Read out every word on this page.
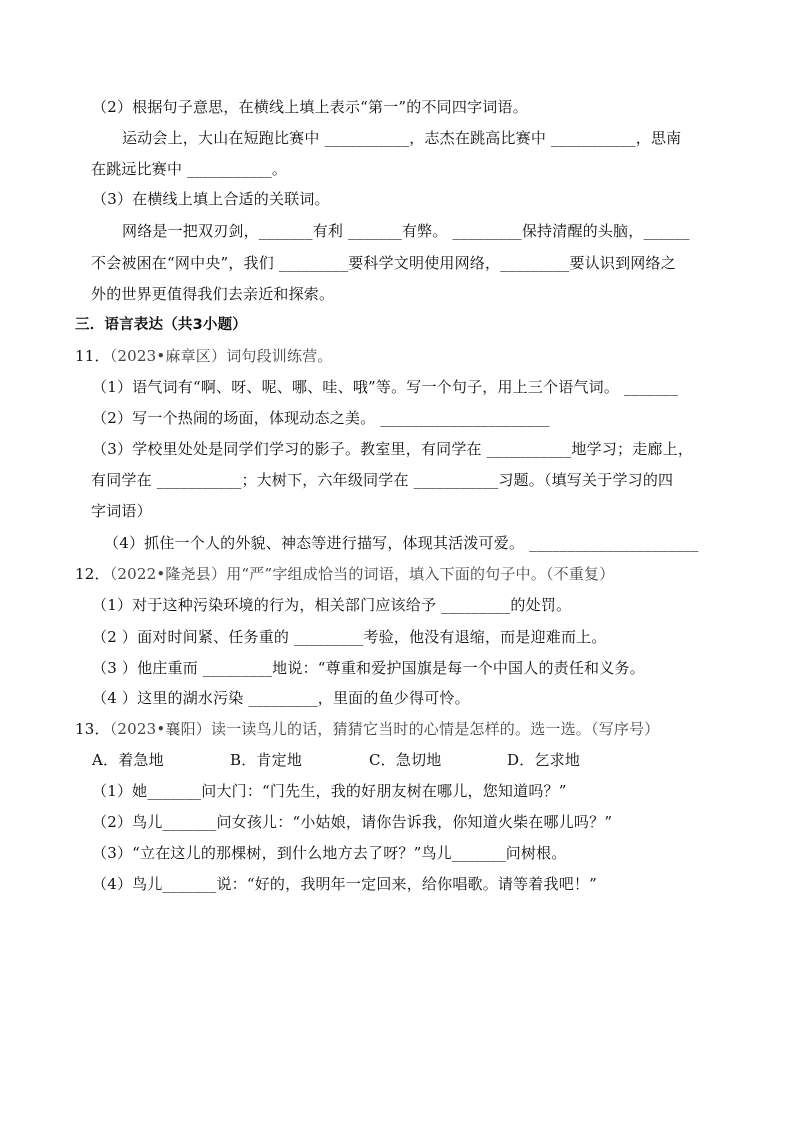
（2）根据句子意思，在横线上填上表示“第一”的不同四字词语。
运动会上，大山在短跑比赛中 ___________，志杰在跳高比赛中 ___________，思南
在跳远比赛中 ___________。
（3）在横线上填上合适的关联词。
网络是一把双刃剑，_______有利 _______有弊。 _________保持清醒的头脑，______
不会被困在“网中央”，我们 _________要科学文明使用网络，_________要认识到网络之
外的世界更值得我们去亲近和探索。
三．语言表达（共3小题）
11．（2023•麻章区）词句段训练营。
（1）语气词有“啊、呀、呢、哪、哇、哦”等。写一个句子，用上三个语气词。 _______
（2）写一个热闹的场面，体现动态之美。 ______________________
（3）学校里处处是同学们学习的影子。教室里，有同学在 ___________地学习；走廊上，
有同学在 ___________；大树下，六年级同学在 ___________习题。（填写关于学习的四
字词语）
（4）抓住一个人的外貌、神态等进行描写，体现其活泼可爱。 ______________________
12．（2022•隆尧县）用“严”字组成恰当的词语，填入下面的句子中。（不重复）
（1）对于这种污染环境的行为，相关部门应该给予 _________的处罚。
（2 ）面对时间紧、任务重的 _________考验，他没有退缩，而是迎难而上。
（3 ）他庄重而 _________地说：“尊重和爱护国旗是每一个中国人的责任和义务。
（4 ）这里的湖水污染 _________，里面的鱼少得可怜。
13．（2023•襄阳）读一读鸟儿的话，猜猜它当时的心情是怎样的。选一选。（写序号）
A．着急地	B．肯定地	C．急切地	D．乞求地
（1）她_______问大门：“门先生，我的好朋友树在哪儿，您知道吗？”
（2）鸟儿_______问女孩儿：“小姑娘，请你告诉我，你知道火柴在哪儿吗？”
（3）“立在这儿的那棵树，到什么地方去了呀？”鸟儿_______问树根。
（4）鸟儿_______说：“好的，我明年一定回来，给你唱歌。请等着我吧！”
